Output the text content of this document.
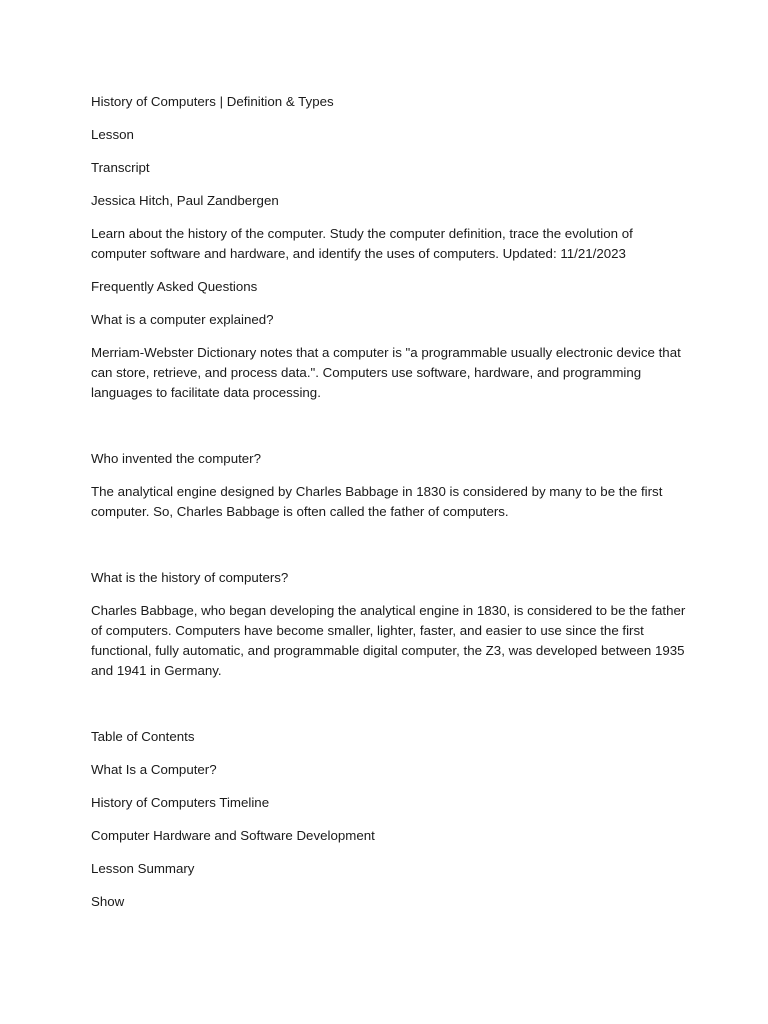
History of Computers | Definition & Types

Lesson

Transcript

Jessica Hitch, Paul Zandbergen

Learn about the history of the computer. Study the computer definition, trace the evolution of computer software and hardware, and identify the uses of computers. Updated: 11/21/2023

Frequently Asked Questions

What is a computer explained?

Merriam-Webster Dictionary notes that a computer is "a programmable usually electronic device that can store, retrieve, and process data.". Computers use software, hardware, and programming languages to facilitate data processing.

Who invented the computer?

The analytical engine designed by Charles Babbage in 1830 is considered by many to be the first computer. So, Charles Babbage is often called the father of computers.

What is the history of computers?

Charles Babbage, who began developing the analytical engine in 1830, is considered to be the father of computers. Computers have become smaller, lighter, faster, and easier to use since the first functional, fully automatic, and programmable digital computer, the Z3, was developed between 1935 and 1941 in Germany.

Table of Contents

What Is a Computer?

History of Computers Timeline

Computer Hardware and Software Development

Lesson Summary

Show
